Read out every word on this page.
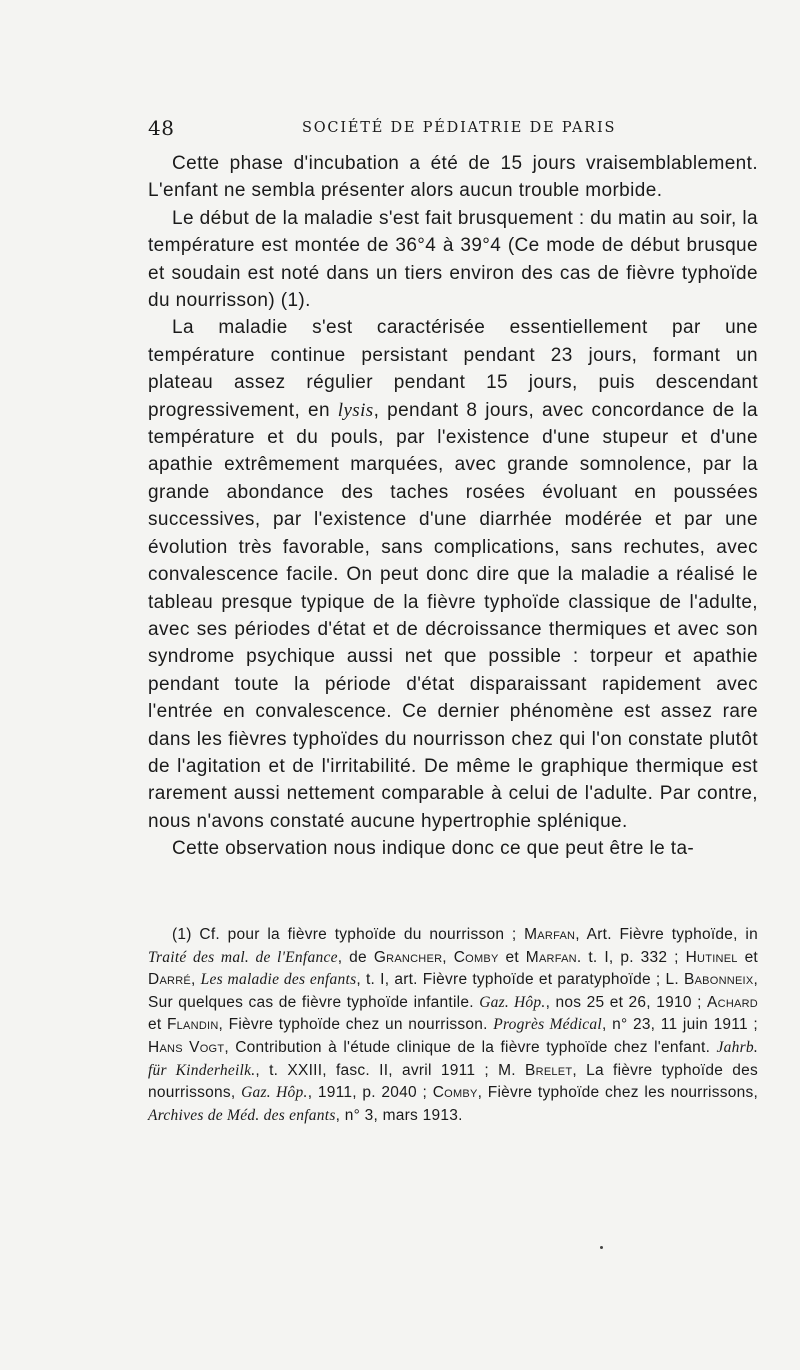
48	SOCIÉTÉ DE PÉDIATRIE DE PARIS

Cette phase d'incubation a été de 15 jours vraisemblablement. L'enfant ne sembla présenter alors aucun trouble morbide.

Le début de la maladie s'est fait brusquement : du matin au soir, la température est montée de 36°4 à 39°4 (Ce mode de début brusque et soudain est noté dans un tiers environ des cas de fièvre typhoïde du nourrisson) (1).

La maladie s'est caractérisée essentiellement par une température continue persistant pendant 23 jours, formant un plateau assez régulier pendant 15 jours, puis descendant progressivement, en lysis, pendant 8 jours, avec concordance de la température et du pouls, par l'existence d'une stupeur et d'une apathie extrêmement marquées, avec grande somnolence, par la grande abondance des taches rosées évoluant en poussées successives, par l'existence d'une diarrhée modérée et par une évolution très favorable, sans complications, sans rechutes, avec convalescence facile. On peut donc dire que la maladie a réalisé le tableau presque typique de la fièvre typhoïde classique de l'adulte, avec ses périodes d'état et de décroissance thermiques et avec son syndrome psychique aussi net que possible : torpeur et apathie pendant toute la période d'état disparaissant rapidement avec l'entrée en convalescence. Ce dernier phénomène est assez rare dans les fièvres typhoïdes du nourrisson chez qui l'on constate plutôt de l'agitation et de l'irritabilité. De même le graphique thermique est rarement aussi nettement comparable à celui de l'adulte. Par contre, nous n'avons constaté aucune hypertrophie splénique.

Cette observation nous indique donc ce que peut être le ta-

(1) Cf. pour la fièvre typhoïde du nourrisson ; Marfan, Art. Fièvre typhoïde, in Traité des mal. de l'Enfance, de Grancher, Comby et Marfan. t. I, p. 332 ; Hutinel et Darré, Les maladie des enfants, t. I, art. Fièvre typhoïde et paratyphoïde ; L. Babonneix, Sur quelques cas de fièvre typhoïde infantile. Gaz. Hôp., nos 25 et 26, 1910 ; Achard et Flandin, Fièvre typhoïde chez un nourrisson. Progrès Médical, n° 23, 11 juin 1911 ; Hans Vogt, Contribution à l'étude clinique de la fièvre typhoïde chez l'enfant. Jahrb. für Kinderheilk., t. XXIII, fasc. II, avril 1911 ; M. Brelet, La fièvre typhoïde des nourrissons, Gaz. Hôp., 1911, p. 2040 ; Comby, Fièvre typhoïde chez les nourrissons, Archives de Méd. des enfants, n° 3, mars 1913.
